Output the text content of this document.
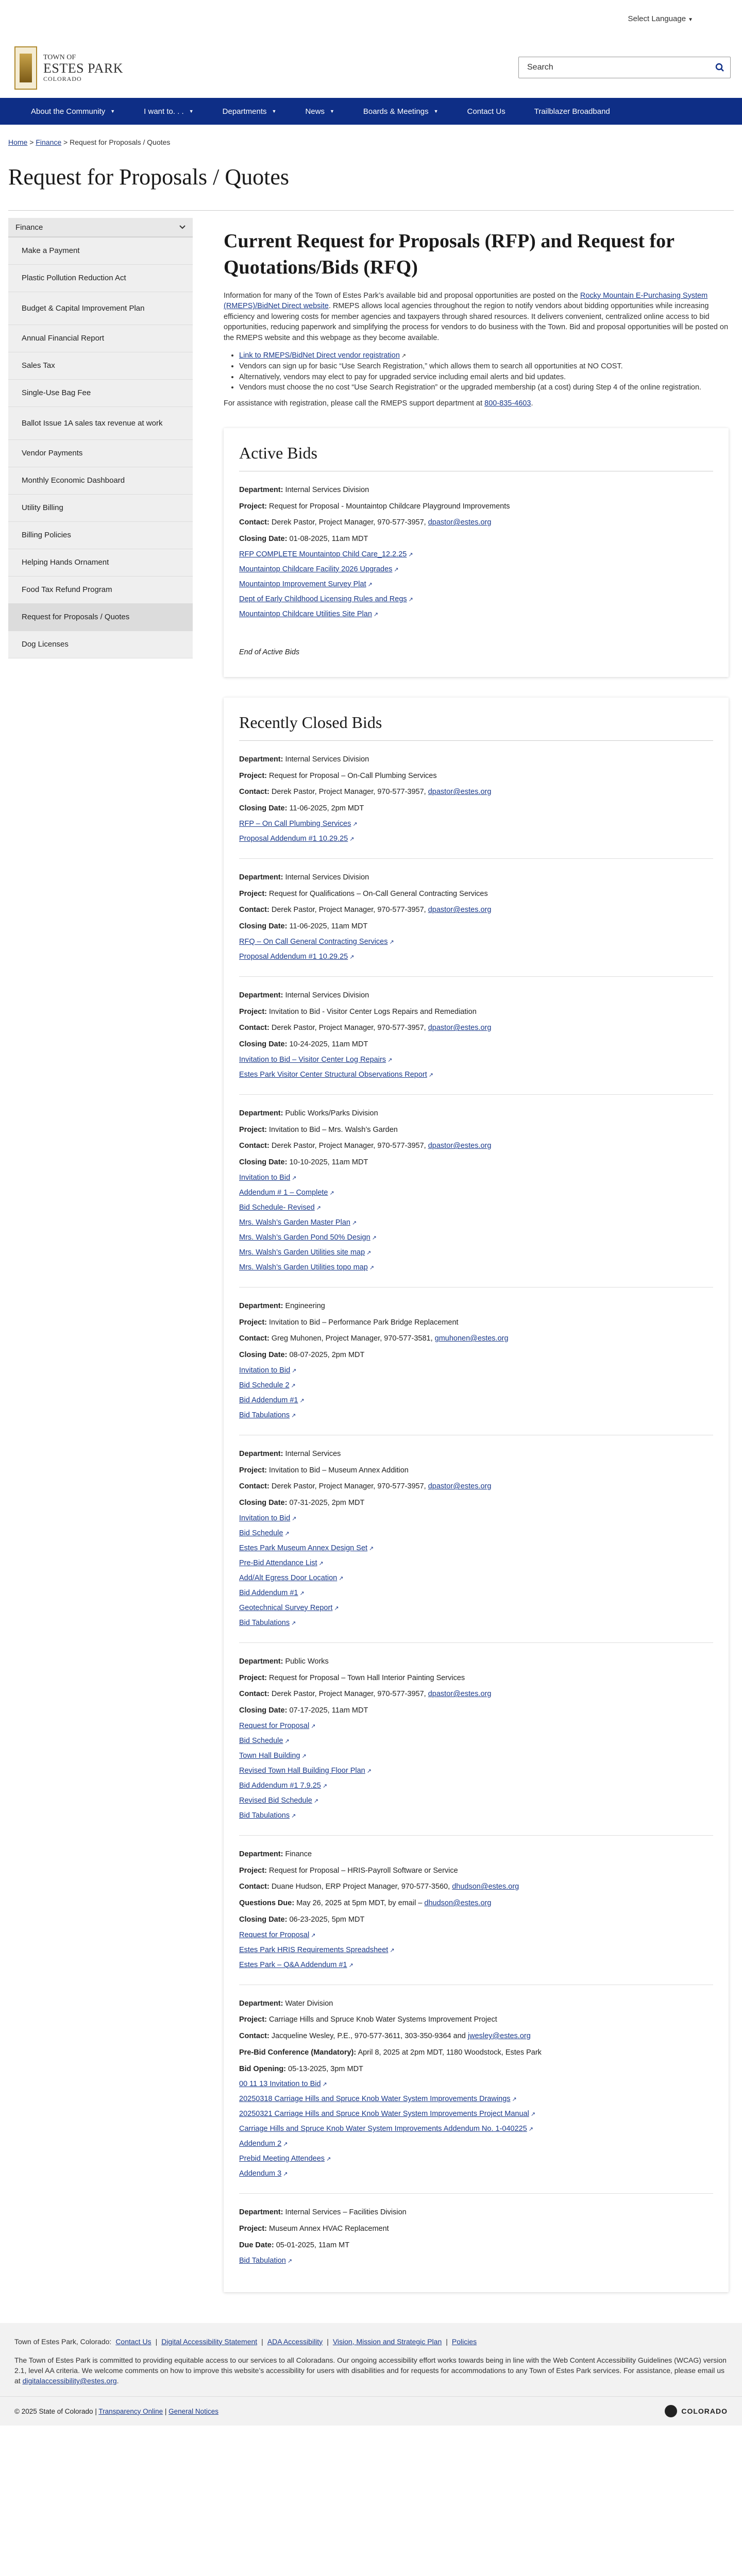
Select Language ▼
TOWN OF
ESTES PARK
COLORADO
Search
About the Community ▼	I want to. . . ▼	Departments ▼	News ▼	Boards & Meetings ▼	Contact Us	Trailblazer Broadband
Home > Finance > Request for Proposals / Quotes
Request for Proposals / Quotes
Finance
Make a Payment
Plastic Pollution Reduction Act
Budget & Capital Improvement Plan
Annual Financial Report
Sales Tax
Single-Use Bag Fee
Ballot Issue 1A sales tax revenue at work
Vendor Payments
Monthly Economic Dashboard
Utility Billing
Billing Policies
Helping Hands Ornament
Food Tax Refund Program
Request for Proposals / Quotes
Dog Licenses
Current Request for Proposals (RFP) and Request for Quotations/Bids (RFQ)

Information for many of the Town of Estes Park’s available bid and proposal opportunities are posted on the Rocky Mountain E-Purchasing System (RMEPS)/BidNet Direct website. RMEPS allows local agencies throughout the region to notify vendors about bidding opportunities while increasing efficiency and lowering costs for member agencies and taxpayers through shared resources. It delivers convenient, centralized online access to bid opportunities, reducing paperwork and simplifying the process for vendors to do business with the Town. Bid and proposal opportunities will be posted on the RMEPS website and this webpage as they become available.

• Link to RMEPS/BidNet Direct vendor registration ↗
• Vendors can sign up for basic “Use Search Registration,” which allows them to search all opportunities at NO COST.
• Alternatively, vendors may elect to pay for upgraded service including email alerts and bid updates.
• Vendors must choose the no cost “Use Search Registration” or the upgraded membership (at a cost) during Step 4 of the online registration.

For assistance with registration, please call the RMEPS support department at 800-835-4603.

Active Bids

Department: Internal Services Division

Project: Request for Proposal - Mountaintop Childcare Playground Improvements

Contact: Derek Pastor, Project Manager, 970-577-3957, dpastor@estes.org

Closing Date: 01-08-2025, 11am MDT

RFP COMPLETE Mountaintop Child Care_12.2.25 ↗
Mountaintop Childcare Facility 2026 Upgrades ↗
Mountaintop Improvement Survey Plat ↗
Dept of Early Childhood Licensing Rules and Regs ↗
Mountaintop Childcare Utilities Site Plan ↗
End of Active Bids
Recently Closed Bids

Department: Internal Services Division

Project: Request for Proposal – On-Call Plumbing Services

Contact: Derek Pastor, Project Manager, 970-577-3957, dpastor@estes.org

Closing Date: 11-06-2025, 2pm MDT

RFP – On Call Plumbing Services ↗
Proposal Addendum #1 10.29.25 ↗

Department: Internal Services Division

Project: Request for Qualifications – On-Call General Contracting Services

Contact: Derek Pastor, Project Manager, 970-577-3957, dpastor@estes.org

Closing Date: 11-06-2025, 11am MDT

RFQ – On Call General Contracting Services ↗
Proposal Addendum #1 10.29.25 ↗

Department: Internal Services Division

Project: Invitation to Bid - Visitor Center Logs Repairs and Remediation

Contact: Derek Pastor, Project Manager, 970-577-3957, dpastor@estes.org

Closing Date: 10-24-2025, 11am MDT

Invitation to Bid – Visitor Center Log Repairs ↗
Estes Park Visitor Center Structural Observations Report ↗

Department: Public Works/Parks Division

Project: Invitation to Bid – Mrs. Walsh’s Garden

Contact: Derek Pastor, Project Manager, 970-577-3957, dpastor@estes.org

Closing Date: 10-10-2025, 11am MDT

Invitation to Bid ↗
Addendum # 1 – Complete ↗
Bid Schedule- Revised ↗
Mrs. Walsh’s Garden Master Plan ↗
Mrs. Walsh’s Garden Pond 50% Design ↗
Mrs. Walsh’s Garden Utilities site map ↗
Mrs. Walsh’s Garden Utilities topo map ↗

Department: Engineering

Project: Invitation to Bid – Performance Park Bridge Replacement

Contact: Greg Muhonen, Project Manager, 970-577-3581, gmuhonen@estes.org

Closing Date: 08-07-2025, 2pm MDT

Invitation to Bid ↗
Bid Schedule 2 ↗
Bid Addendum #1 ↗
Bid Tabulations ↗

Department: Internal Services

Project: Invitation to Bid – Museum Annex Addition

Contact: Derek Pastor, Project Manager, 970-577-3957, dpastor@estes.org

Closing Date: 07-31-2025, 2pm MDT

Invitation to Bid ↗
Bid Schedule ↗
Estes Park Museum Annex Design Set ↗
Pre-Bid Attendance List ↗
Add/Alt Egress Door Location ↗
Bid Addendum #1 ↗
Geotechnical Survey Report ↗
Bid Tabulations ↗

Department: Public Works

Project: Request for Proposal – Town Hall Interior Painting Services

Contact: Derek Pastor, Project Manager, 970-577-3957, dpastor@estes.org

Closing Date: 07-17-2025, 11am MDT

Request for Proposal ↗
Bid Schedule ↗
Town Hall Building ↗
Revised Town Hall Building Floor Plan ↗
Bid Addendum #1 7.9.25 ↗
Revised Bid Schedule ↗
Bid Tabulations ↗

Department: Finance

Project: Request for Proposal – HRIS-Payroll Software or Service

Contact: Duane Hudson, ERP Project Manager, 970-577-3560, dhudson@estes.org

Questions Due: May 26, 2025 at 5pm MDT, by email – dhudson@estes.org

Closing Date: 06-23-2025, 5pm MDT

Request for Proposal ↗
Estes Park HRIS Requirements Spreadsheet ↗
Estes Park – Q&A Addendum #1 ↗

Department: Water Division

Project: Carriage Hills and Spruce Knob Water Systems Improvement Project

Contact: Jacqueline Wesley, P.E., 970-577-3611, 303-350-9364 and jwesley@estes.org

Pre-Bid Conference (Mandatory): April 8, 2025 at 2pm MDT, 1180 Woodstock, Estes Park

Bid Opening: 05-13-2025, 3pm MDT

00 11 13 Invitation to Bid ↗
20250318 Carriage Hills and Spruce Knob Water System Improvements Drawings ↗
20250321 Carriage Hills and Spruce Knob Water System Improvements Project Manual ↗
Carriage Hills and Spruce Knob Water System Improvements Addendum No. 1-040225 ↗
Addendum 2 ↗
Prebid Meeting Attendees ↗
Addendum 3 ↗

Department: Internal Services – Facilities Division

Project: Museum Annex HVAC Replacement

Due Date: 05-01-2025, 11am MT

Bid Tabulation ↗
Town of Estes Park, Colorado: Contact Us | Digital Accessibility Statement | ADA Accessibility | Vision, Mission and Strategic Plan | Policies
The Town of Estes Park is committed to providing equitable access to our services to all Coloradans. Our ongoing accessibility effort works towards being in line with the Web Content Accessibility Guidelines (WCAG) version 2.1, level AA criteria. We welcome comments on how to improve this website’s accessibility for users with disabilities and for requests for accommodations to any Town of Estes Park services. For assistance, please email us at digitalaccessibility@estes.org.
© 2025 State of Colorado | Transparency Online | General Notices	COLORADO
